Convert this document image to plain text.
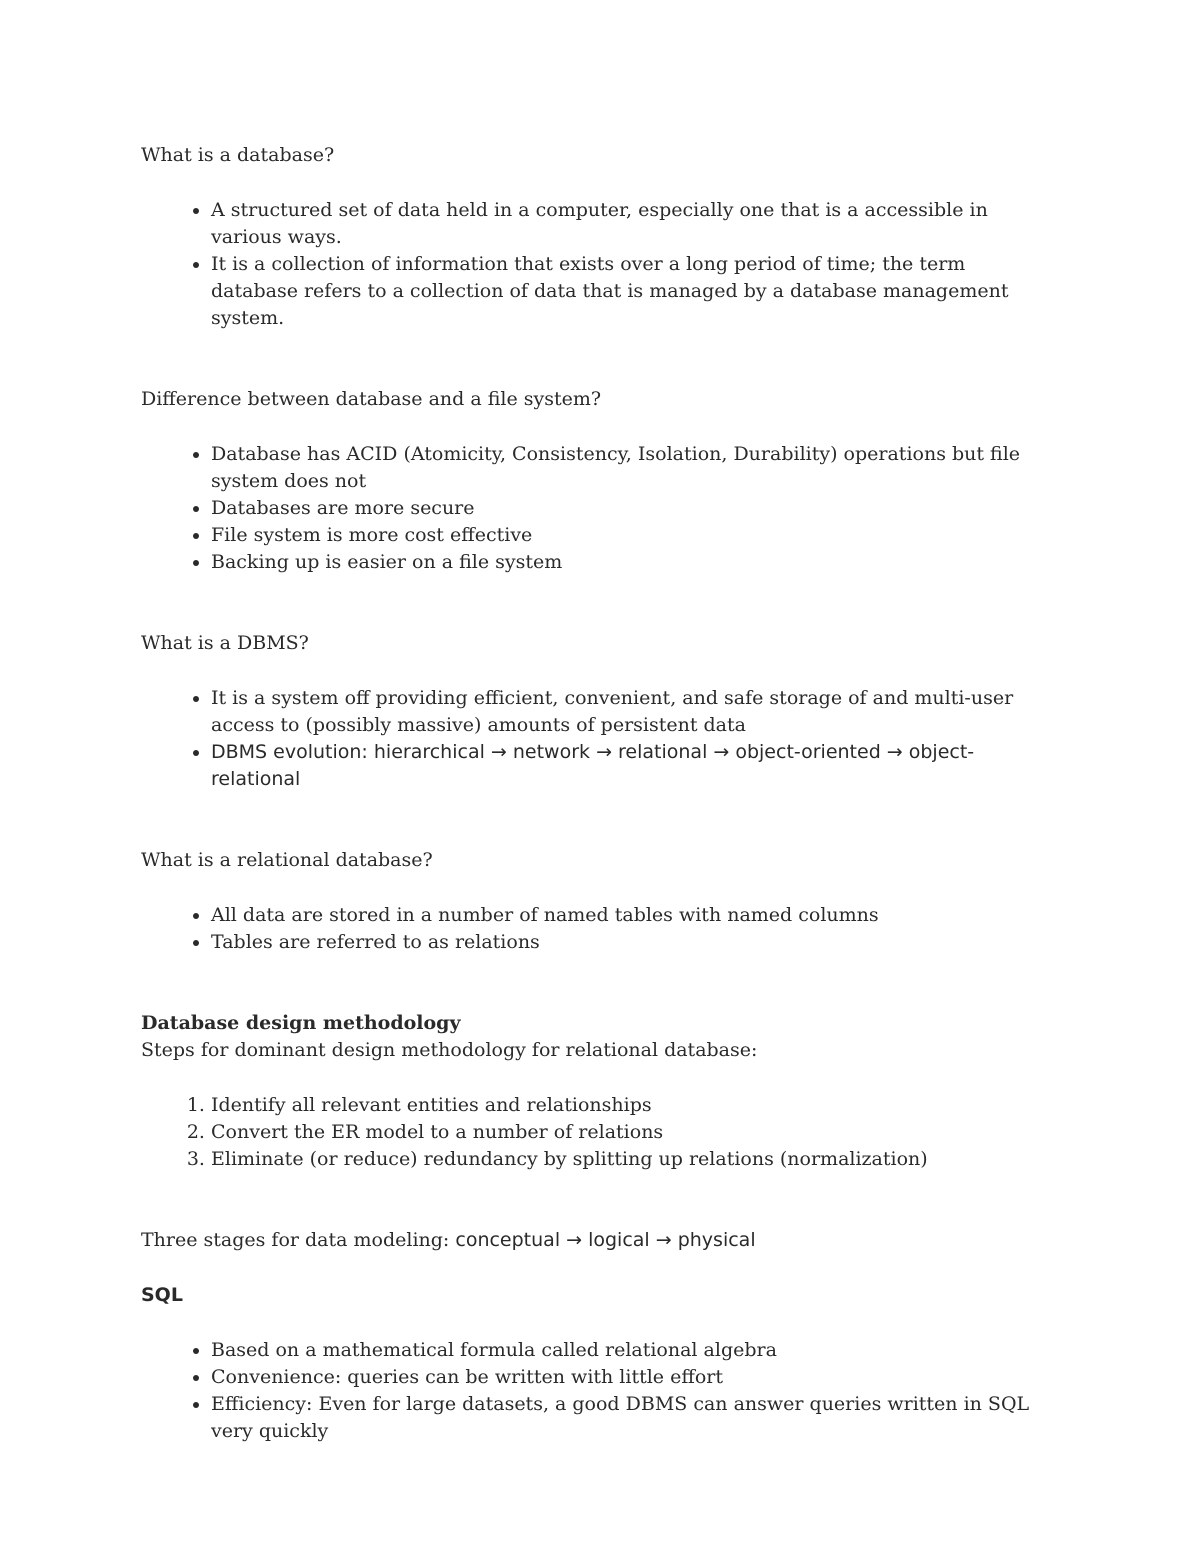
What is a database?

• A structured set of data held in a computer, especially one that is a accessible in various ways.
• It is a collection of information that exists over a long period of time; the term database refers to a collection of data that is managed by a database management system.

Difference between database and a file system?

• Database has ACID (Atomicity, Consistency, Isolation, Durability) operations but file system does not
• Databases are more secure
• File system is more cost effective
• Backing up is easier on a file system

What is a DBMS?

• It is a system off providing efficient, convenient, and safe storage of and multi-user access to (possibly massive) amounts of persistent data
• DBMS evolution: hierarchical → network → relational → object-oriented → object-relational

What is a relational database?

• All data are stored in a number of named tables with named columns
• Tables are referred to as relations

Database design methodology

Steps for dominant design methodology for relational database:

1. Identify all relevant entities and relationships
2. Convert the ER model to a number of relations
3. Eliminate (or reduce) redundancy by splitting up relations (normalization)

Three stages for data modeling: conceptual → logical → physical

SQL

• Based on a mathematical formula called relational algebra
• Convenience: queries can be written with little effort
• Efficiency: Even for large datasets, a good DBMS can answer queries written in SQL very quickly
